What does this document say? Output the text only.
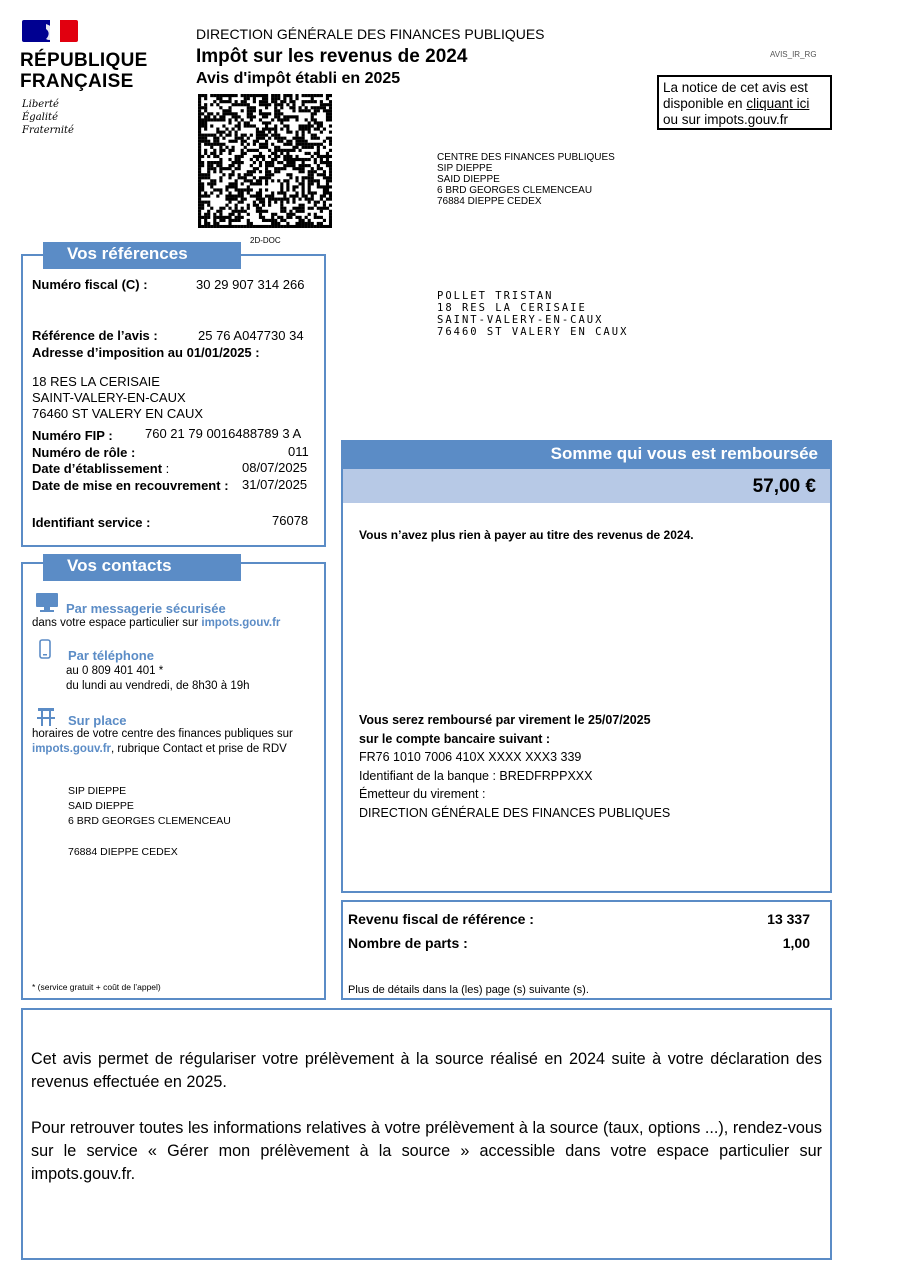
RÉPUBLIQUE
FRANÇAISE
Liberté
Égalité
Fraternité
DIRECTION GÉNÉRALE DES FINANCES PUBLIQUES
Impôt sur les revenus de 2024
Avis d'impôt établi en 2025
AVIS_IR_RG
La notice de cet avis est disponible en cliquant ici ou sur impots.gouv.fr
2D-DOC
CENTRE DES FINANCES PUBLIQUES
SIP DIEPPE
SAID DIEPPE
6 BRD GEORGES CLEMENCEAU
76884 DIEPPE CEDEX
POLLET TRISTAN
18 RES LA CERISAIE
SAINT-VALERY-EN-CAUX
76460 ST VALERY EN CAUX
Vos références
Numéro fiscal (C) :	30 29 907 314 266
Référence de l’avis :	25 76 A047730 34
Adresse d’imposition au 01/01/2025 :
18 RES LA CERISAIE
SAINT-VALERY-EN-CAUX
76460 ST VALERY EN CAUX
Numéro FIP : 760 21 79 0016488789 3 A
Numéro de rôle :	011
Date d’établissement :	08/07/2025
Date de mise en recouvrement : 31/07/2025
Identifiant service :	76078
Vos contacts
Par messagerie sécurisée
dans votre espace particulier sur impots.gouv.fr
Par téléphone
au 0 809 401 401 *
du lundi au vendredi, de 8h30 à 19h
Sur place
horaires de votre centre des finances publiques sur
impots.gouv.fr, rubrique Contact et prise de RDV
SIP DIEPPE
SAID DIEPPE
6 BRD GEORGES CLEMENCEAU
76884 DIEPPE CEDEX
* (service gratuit + coût de l’appel)
Somme qui vous est remboursée
57,00 €
Vous n’avez plus rien à payer au titre des revenus de 2024.
Vous serez remboursé par virement le 25/07/2025
sur le compte bancaire suivant :
FR76 1010 7006 410X XXXX XXX3 339
Identifiant de la banque : BREDFRPPXXX
Émetteur du virement :
DIRECTION GÉNÉRALE DES FINANCES PUBLIQUES
Revenu fiscal de référence :	13 337
Nombre de parts :	1,00
Plus de détails dans la (les) page (s) suivante (s).

Cet avis permet de régulariser votre prélèvement à la source réalisé en 2024 suite à votre déclaration des revenus effectuée en 2025.

Pour retrouver toutes les informations relatives à votre prélèvement à la source (taux, options ...), rendez-vous sur le service « Gérer mon prélèvement à la source » accessible dans votre espace particulier sur impots.gouv.fr.
